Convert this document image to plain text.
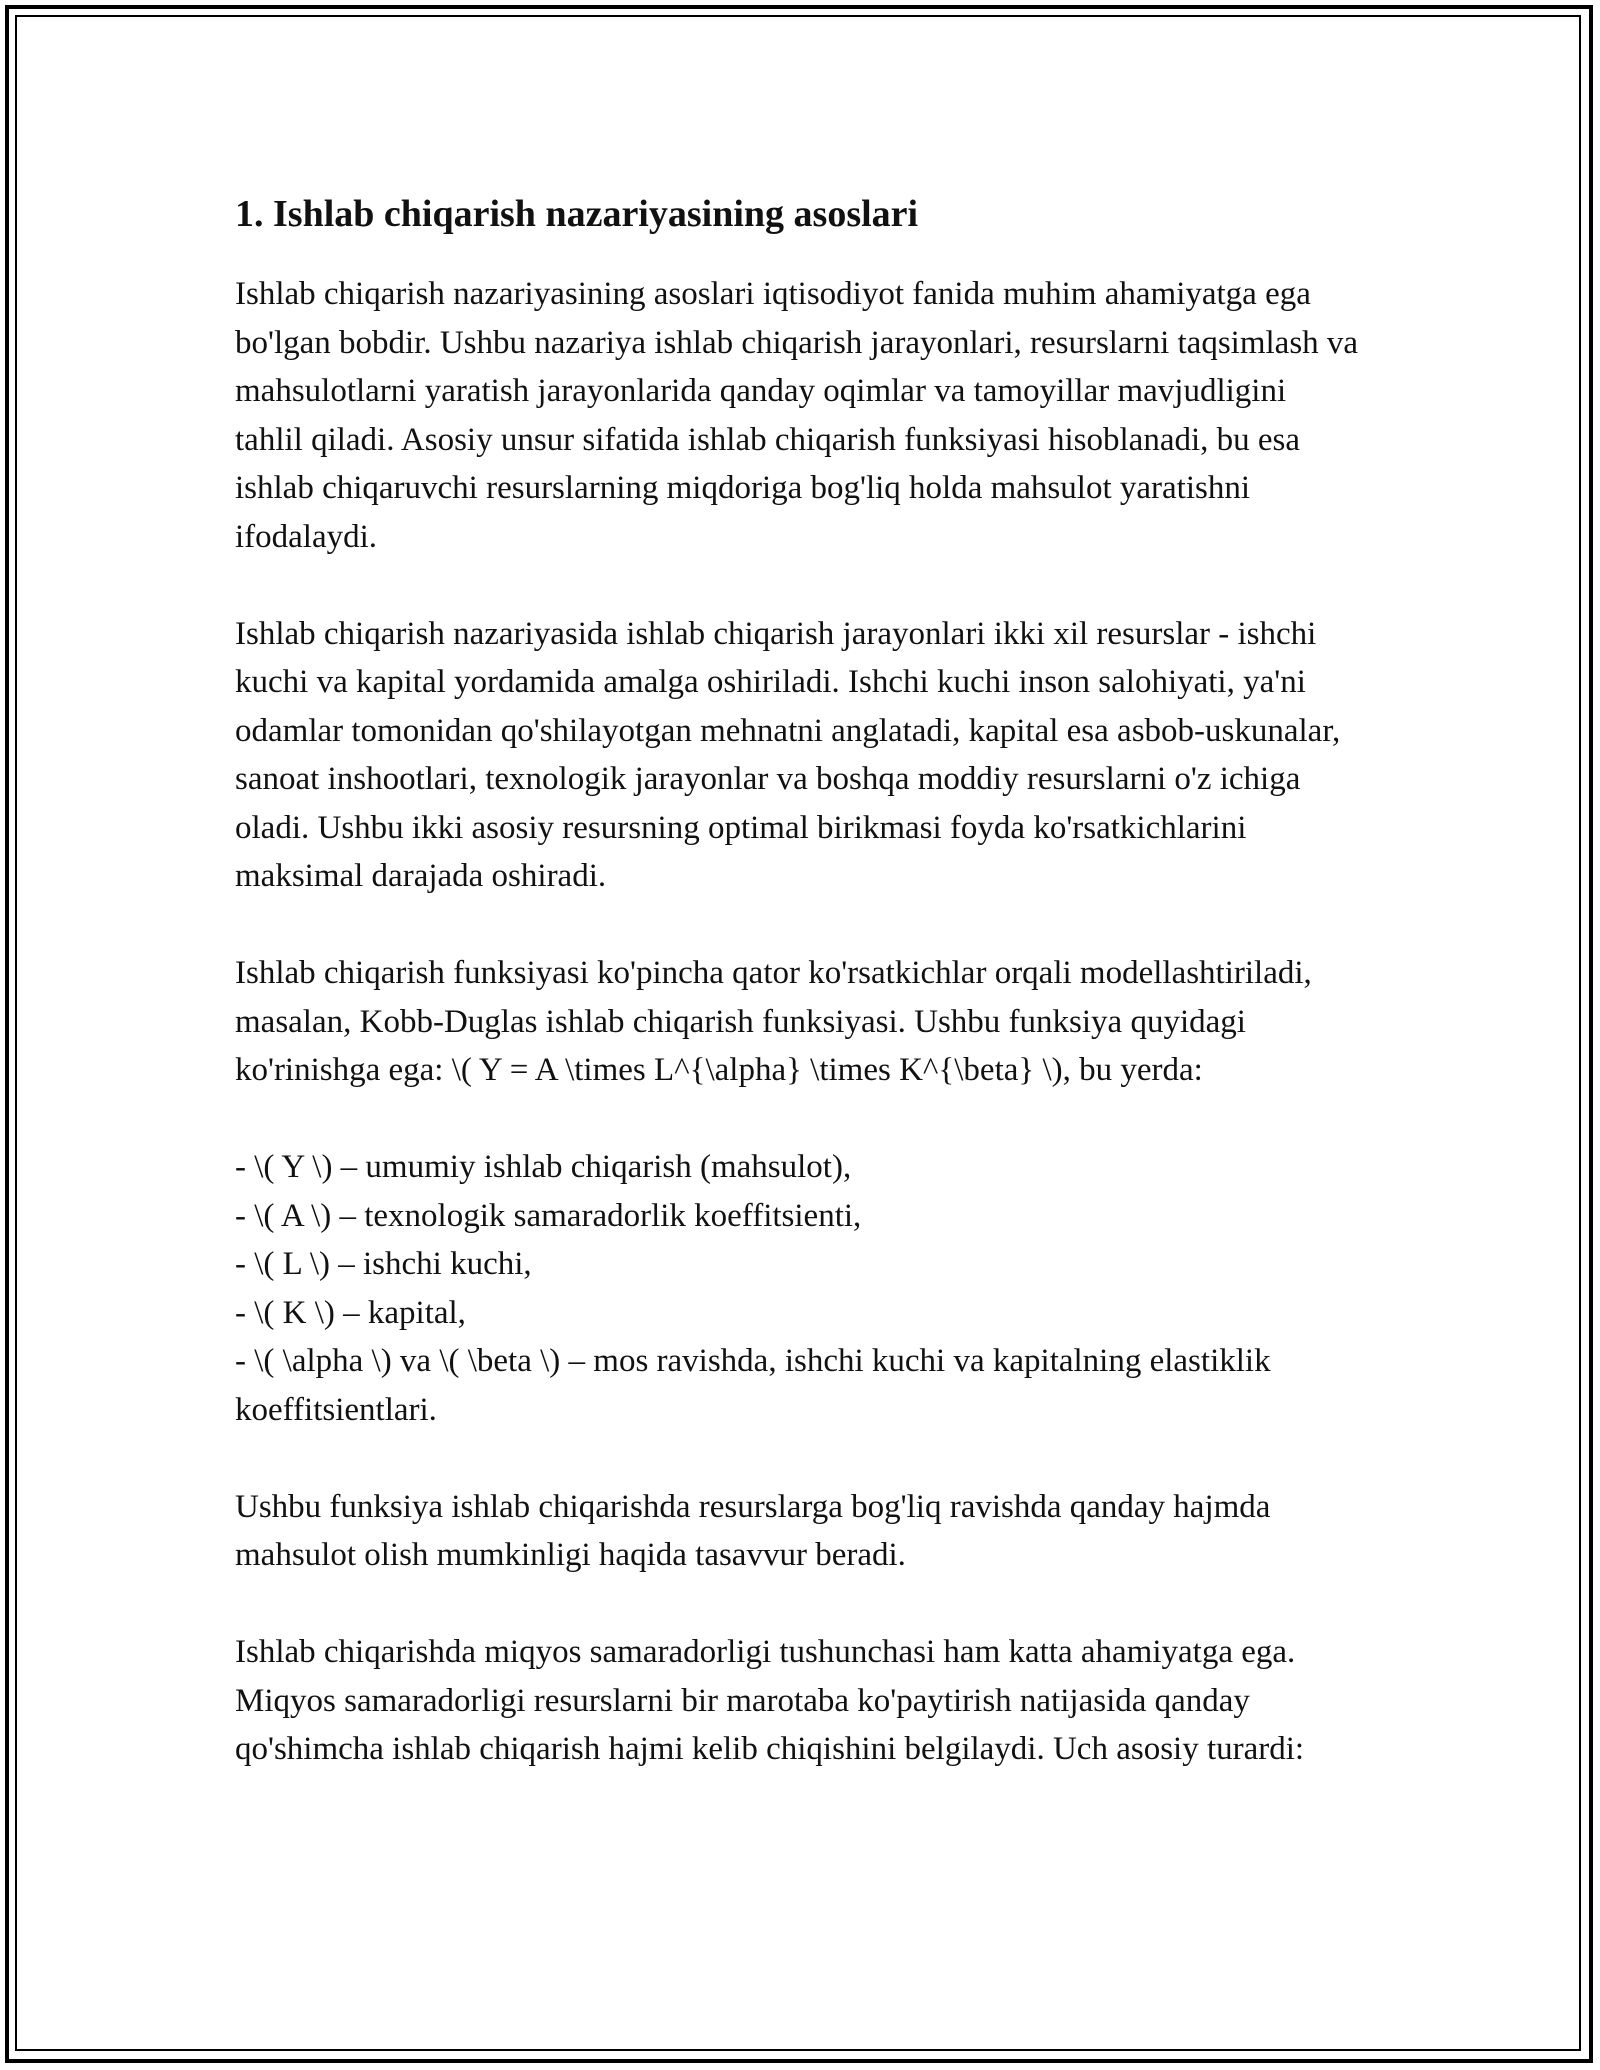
1. Ishlab chiqarish nazariyasining asoslari

Ishlab chiqarish nazariyasining asoslari iqtisodiyot fanida muhim ahamiyatga ega bo'lgan bobdir. Ushbu nazariya ishlab chiqarish jarayonlari, resurslarni taqsimlash va mahsulotlarni yaratish jarayonlarida qanday oqimlar va tamoyillar mavjudligini tahlil qiladi. Asosiy unsur sifatida ishlab chiqarish funksiyasi hisoblanadi, bu esa ishlab chiqaruvchi resurslarning miqdoriga bog'liq holda mahsulot yaratishni ifodalaydi.

Ishlab chiqarish nazariyasida ishlab chiqarish jarayonlari ikki xil resurslar - ishchi kuchi va kapital yordamida amalga oshiriladi. Ishchi kuchi inson salohiyati, ya'ni odamlar tomonidan qo'shilayotgan mehnatni anglatadi, kapital esa asbob-uskunalar, sanoat inshootlari, texnologik jarayonlar va boshqa moddiy resurslarni o'z ichiga oladi. Ushbu ikki asosiy resursning optimal birikmasi foyda ko'rsatkichlarini maksimal darajada oshiradi.

Ishlab chiqarish funksiyasi ko'pincha qator ko'rsatkichlar orqali modellashtiriladi, masalan, Kobb-Duglas ishlab chiqarish funksiyasi. Ushbu funksiya quyidagi ko'rinishga ega: \( Y = A \times L^{\alpha} \times K^{\beta} \), bu yerda:

- \( Y \) – umumiy ishlab chiqarish (mahsulot),
- \( A \) – texnologik samaradorlik koeffitsienti,
- \( L \) – ishchi kuchi,
- \( K \) – kapital,
- \( \alpha \) va \( \beta \) – mos ravishda, ishchi kuchi va kapitalning elastiklik koeffitsientlari.

Ushbu funksiya ishlab chiqarishda resurslarga bog'liq ravishda qanday hajmda mahsulot olish mumkinligi haqida tasavvur beradi.

Ishlab chiqarishda miqyos samaradorligi tushunchasi ham katta ahamiyatga ega. Miqyos samaradorligi resurslarni bir marotaba ko'paytirish natijasida qanday qo'shimcha ishlab chiqarish hajmi kelib chiqishini belgilaydi. Uch asosiy turardi:
